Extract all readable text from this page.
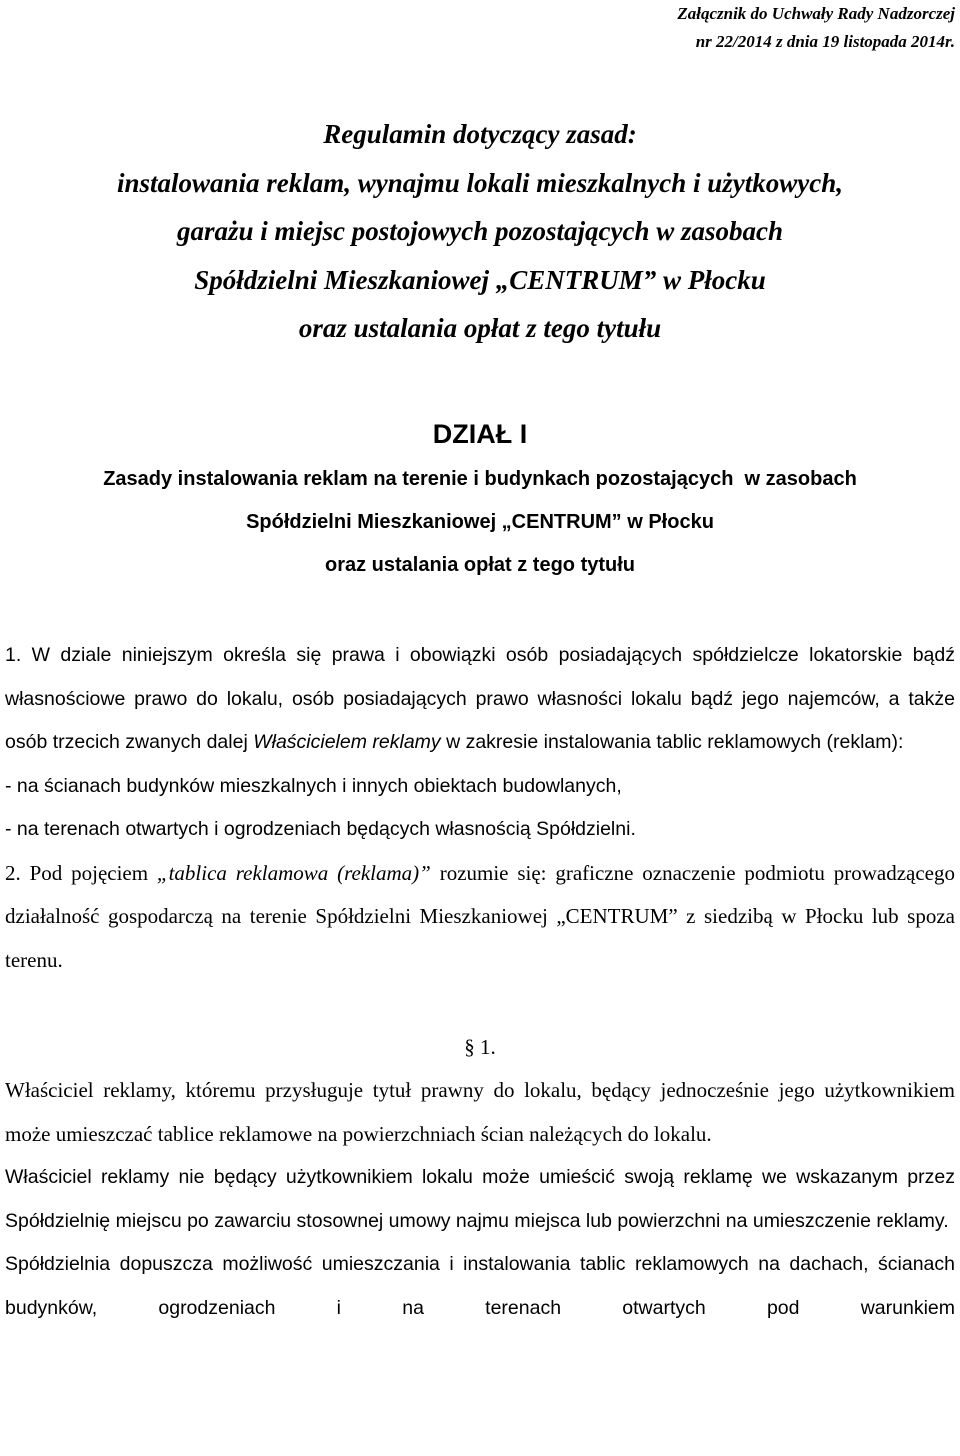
Załącznik do Uchwały Rady Nadzorczej
nr 22/2014 z dnia 19 listopada 2014r.
Regulamin dotyczący zasad:
instalowania reklam, wynajmu lokali mieszkalnych i użytkowych,
garażu i miejsc postojowych pozostających w zasobach
Spółdzielni Mieszkaniowej „CENTRUM” w Płocku
oraz ustalania opłat z tego tytułu
DZIAŁ I
Zasady instalowania reklam na terenie i budynkach pozostających  w zasobach
Spółdzielni Mieszkaniowej „CENTRUM” w Płocku
oraz ustalania opłat z tego tytułu

1. W dziale niniejszym określa się prawa i obowiązki osób posiadających spółdzielcze lokatorskie bądź własnościowe prawo do lokalu, osób posiadających prawo własności lokalu bądź jego najemców, a także osób trzecich zwanych dalej Właścicielem reklamy w zakresie instalowania tablic reklamowych (reklam):

- na ścianach budynków mieszkalnych i innych obiektach budowlanych,

- na terenach otwartych i ogrodzeniach będących własnością Spółdzielni.

2. Pod pojęciem „tablica reklamowa (reklama)” rozumie się: graficzne oznaczenie podmiotu prowadzącego działalność gospodarczą na terenie Spółdzielni Mieszkaniowej „CENTRUM” z siedzibą w Płocku lub spoza terenu.

§ 1.

Właściciel reklamy, któremu przysługuje tytuł prawny do lokalu, będący jednocześnie jego użytkownikiem może umieszczać tablice reklamowe na powierzchniach ścian należących do lokalu.

Właściciel reklamy nie będący użytkownikiem lokalu może umieścić swoją reklamę we wskazanym przez Spółdzielnię miejscu po zawarciu stosownej umowy najmu miejsca lub powierzchni na umieszczenie reklamy.

Spółdzielnia dopuszcza możliwość umieszczania i instalowania tablic reklamowych na dachach, ścianach budynków, ogrodzeniach i na terenach otwartych pod warunkiem
